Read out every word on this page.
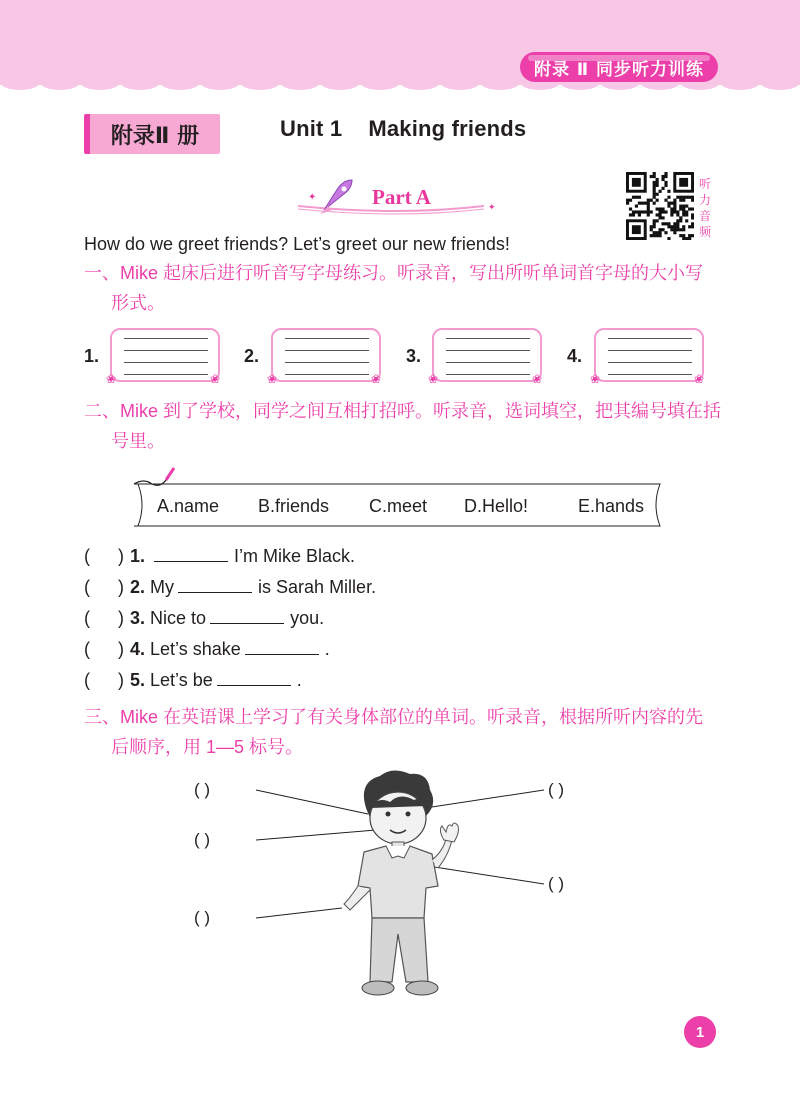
附录 Ⅱ 同步听力训练
附录Ⅱ 册	Unit 1 Making friends
✦
✦
Part A
听
力
音
频
How do we greet friends? Let’s greet our new friends!
一、Mike 起床后进行听音写字母练习。听录音，写出所听单词首字母的大小写
形式。
1.	2.	3.	4.
❀	❀	❀	❀	❀	❀	❀	❀
二、Mike 到了学校，同学之间互相打招呼。听录音，选词填空，把其编号填在括
号里。
A.name B.friends C.meet D.Hello!	E.hands
( ) 1.	I’m Mike Black.
( ) 2. My	is Sarah Miller.
( ) 3. Nice to	you.
( ) 4. Let’s shake	.
( ) 5. Let’s be	.
三、Mike 在英语课上学习了有关身体部位的单词。听录音，根据所听内容的先
后顺序，用 1—5 标号。
( )
( )
( )
( )
( )
1
